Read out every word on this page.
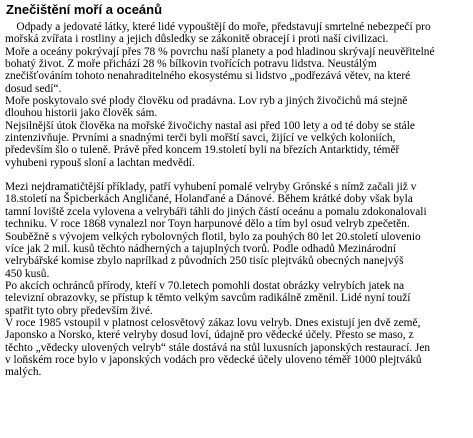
Znečištění moří a oceánů

Odpady a jedovaté látky, které lidé vypouštějí do moře, představují smrtelné nebezpečí pro
mořská zvířata i rostliny a jejich důsledky se zákonitě obracejí i proti naší civilizaci.
Moře a oceány pokrývají přes 78 % povrchu naší planety a pod hladinou skrývají neuvěřitelné
bohatý život. Z moře přichází 28 % bílkovin tvořících potravu lidstva. Neustálým
znečišťováním tohoto nenahraditelného ekosystému si lidstvo „podřezává větev, na které
dosud sedí“.

Moře poskytovalo své plody člověku od pradávna. Lov ryb a jiných živočichů má stejně
dlouhou historii jako člověk sám.

Nejsilnější útok člověka na mořské živočichy nastal asi před 100 lety a od té doby se stále
zintenzivňuje. Prvními a snadnými terči byli mořští savci, žijící ve velkých koloniích,
především šlo o tuleně. Právě před koncem 19.století byli na březích Antarktidy, téměř
vyhubeni rypouš sloní a lachtan medvědí.

Mezi nejdramatičtější příklady, patří vyhubení pomalé velryby Grónské s nímž začali již v
18.století na Špicberkách Angličané, Holanďané a Dánové. Během krátké doby však byla
tamní loviště zcela vylovena a velrybáři táhli do jiných částí oceánu a pomalu zdokonalovali
techniku. V roce 1868 vynalezl nor Toyn harpunové dělo a tím byl osud velryb zpečetěn.
Souběžně s vývojem velkých rybolovných flotil, bylo za pouhých 80 let 20.století ulovenio
více jak 2 mil. kusů těchto nádherných a tajuplných tvorů. Podle odhadů Mezinárodní
velrybářské komise zbylo naprílkad z původních 250 tisíc plejtváků obecných nanejvýš
450 kusů.

Po akcích ochránců přírody, kteří v 70.letech pomohli dostat obrázky velrybích jatek na
televizní obrazovky, se přístup k těmto velkým savcům radikálně změnil. Lidé nyní touží
spatřit tyto obry především živé.

V roce 1985 vstoupil v platnost celosvětový zákaz lovu velryb. Dnes existují jen dvě země,
Japonsko a Norsko, které velryby dosud loví, údajně pro vědecké účely. Přesto se maso, z
těchto „vědecky ulovených velryb“ stále dostává na stůl luxusních japonských restaurací. Jen
v loňském roce bylo v japonských vodách pro vědecké účely uloveno téměř 1000 plejtváků
malých.
